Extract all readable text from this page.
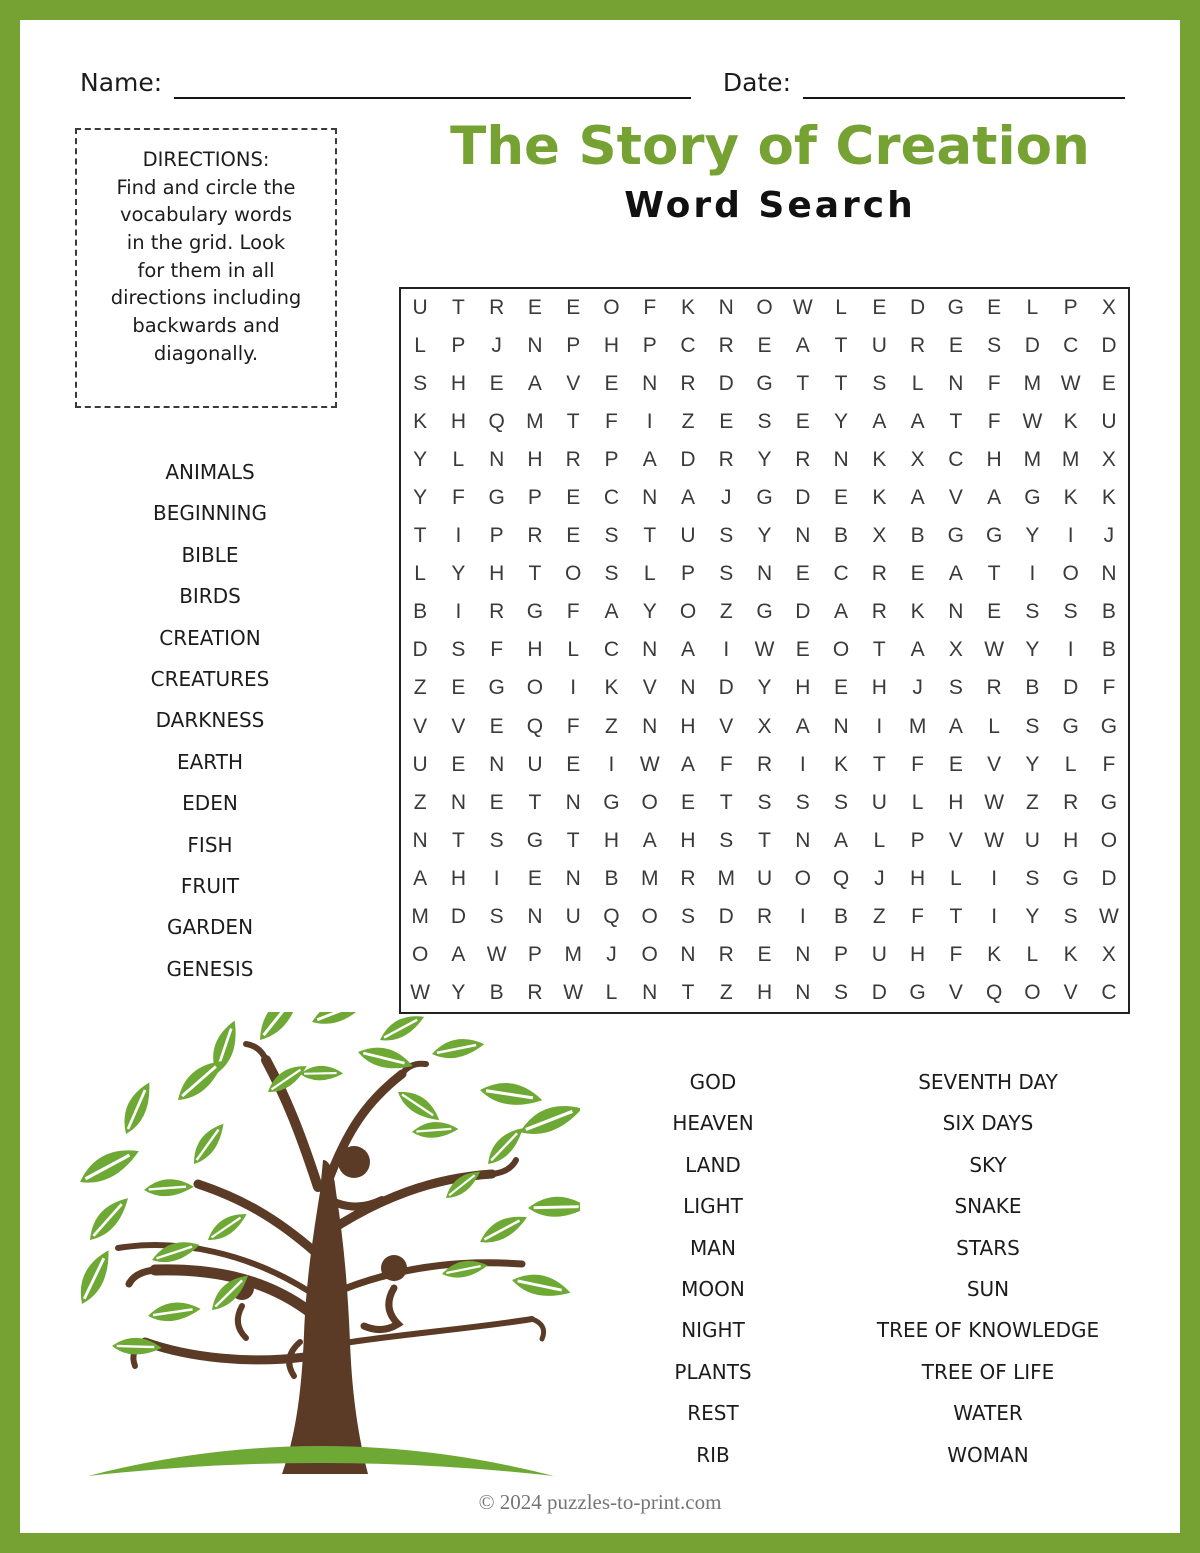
Name:	Date:
DIRECTIONS:
Find and circle the
vocabulary words
in the grid. Look
for them in all
directions including
backwards and
diagonally.
The Story of Creation
Word Search
U	T	R	E	E	O	F	K	N	O W	L	E	D	G	E	L	P	X
L	P	J	N	P	H	P	C	R	E	A	T	U	R	E	S	D	C	D
S	H	E	A	V	E	N	R	D	G	T	T	S	L	N	F	M W	E
K	H	Q	M	T	F	I	Z	E	S	E	Y	A	A	T	F	W	K	U
Y	L	N	H	R	P	A	D	R	Y	R	N	K	X	C	H	M M	X
Y	F	G	P	E	C	N	A	J	G	D	E	K	A	V	A	G	K	K
T	I	P	R	E	S	T	U	S	Y	N	B	X	B	G	G	Y	I	J
L	Y	H	T	O	S	L	P	S	N	E	C	R	E	A	T	I	O	N
B	I	R	G	F	A	Y	O	Z	G	D	A	R	K	N	E	S	S	B
D	S	F	H	L	C	N	A	I	W	E	O	T	A	X	W	Y	I	B
Z	E	G	O	I	K	V	N	D	Y	H	E	H	J	S	R	B	D	F
V	V	E	Q	F	Z	N	H	V	X	A	N	I	M	A	L	S	G	G
U	E	N	U	E	I	W	A	F	R	I	K	T	F	E	V	Y	L	F
Z	N	E	T	N	G	O	E	T	S	S	S	U	L	H W	Z	R	G
N	T	S	G	T	H	A	H	S	T	N	A	L	P	V	W U	H	O
A	H	I	E	N	B	M	R	M	U	O	Q	J	H	L	I	S	G	D
M	D	S	N	U	Q	O	S	D	R	I	B	Z	F	T	I	Y	S	W
O	A	W	P	M	J	O	N	R	E	N	P	U	H	F	K	L	K	X
W	Y	B	R W	L	N	T	Z	H	N	S	D	G	V	Q	O	V	C
ANIMALS
BEGINNING
BIBLE
BIRDS
CREATION
CREATURES
DARKNESS
EARTH
EDEN
FISH
FRUIT
GARDEN
GENESIS
GOD
HEAVEN
LAND
LIGHT
MAN
MOON
NIGHT
PLANTS
REST
RIB
SEVENTH DAY
SIX DAYS
SKY
SNAKE
STARS
SUN
TREE OF KNOWLEDGE
TREE OF LIFE
WATER
WOMAN
© 2024 puzzles-to-print.com
